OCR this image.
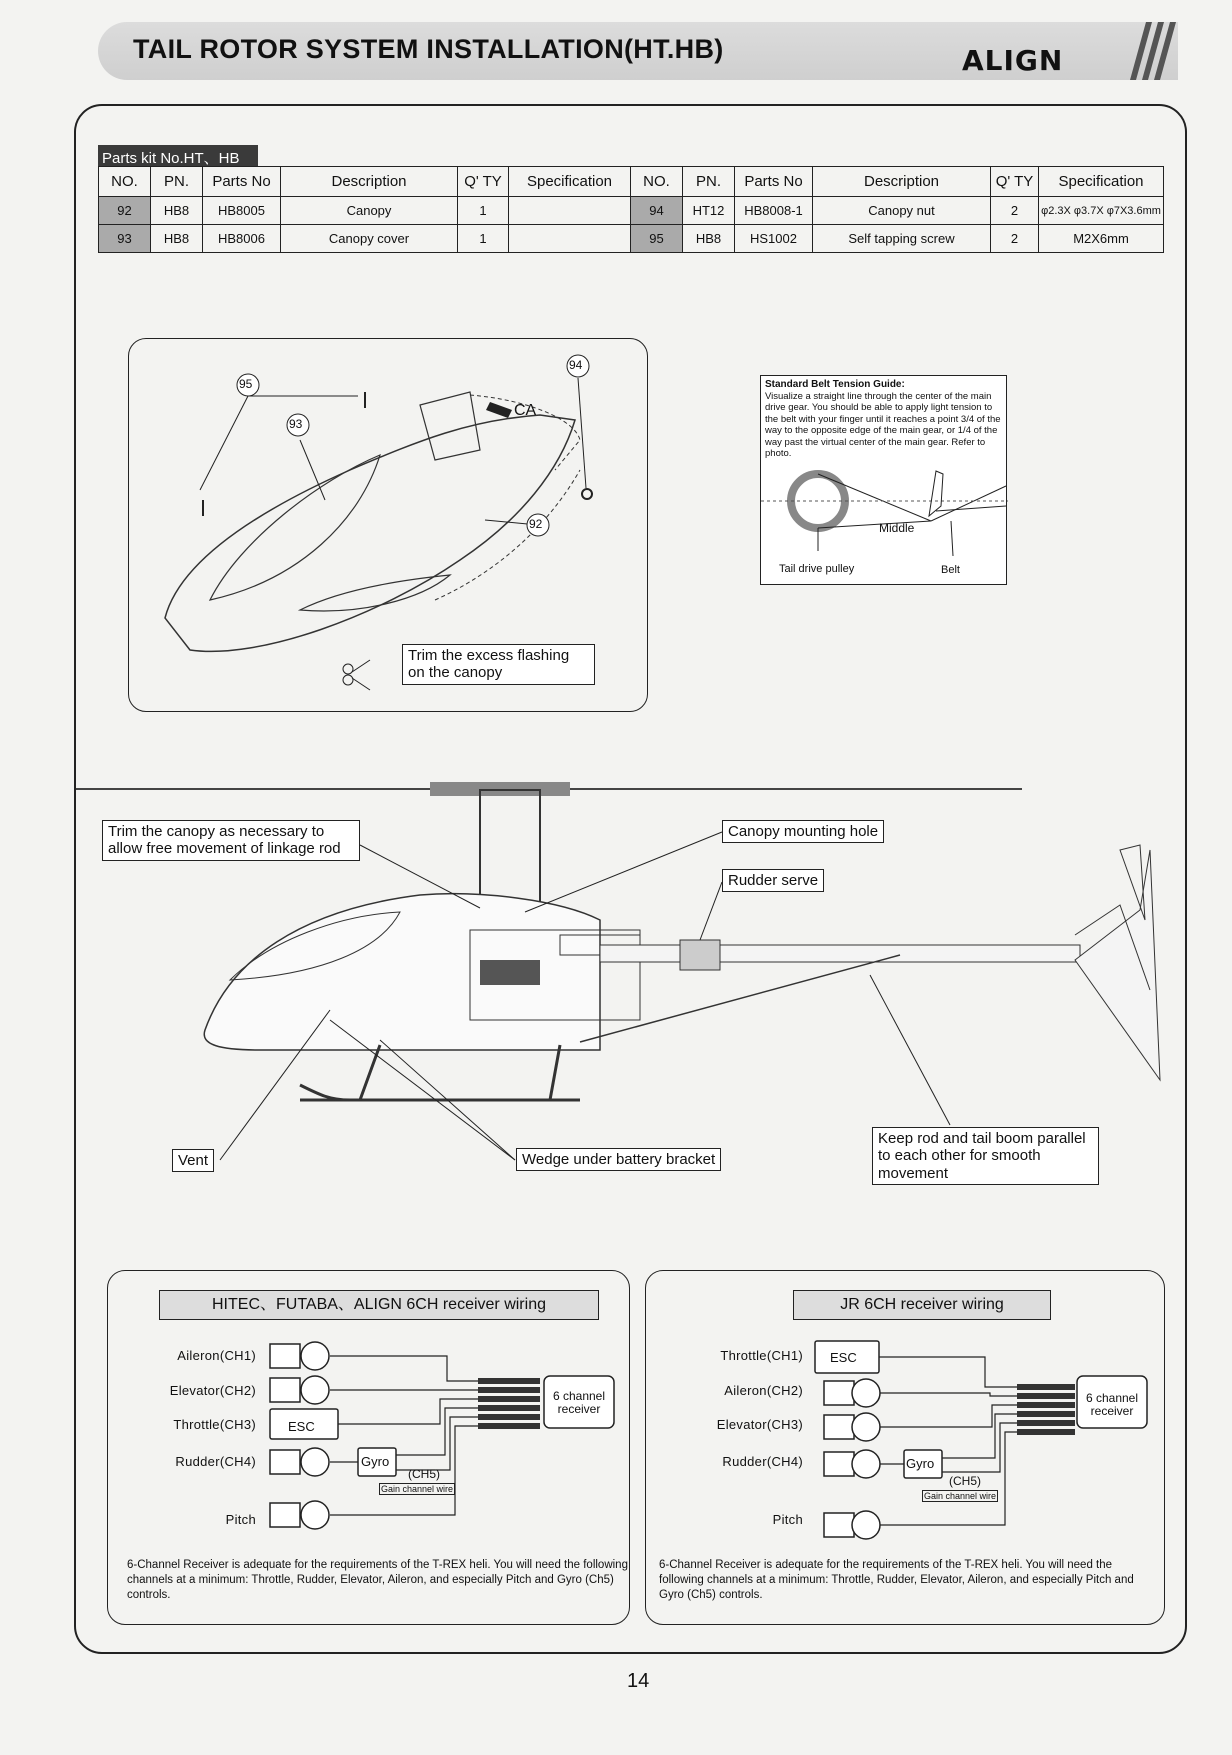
TAIL ROTOR SYSTEM INSTALLATION(HT.HB)	ALIGN
Parts kit No.HT、HB
NO.	PN.	Parts No	Description	Q' TY	Specification	NO.	PN.	Parts No	Description	Q' TY	Specification
92	HB8	HB8005	Canopy	1		94	HT12	HB8008-1	Canopy nut	2	φ2.3X φ3.7X φ7X3.6mm
93	HB8	HB8006	Canopy cover	1		95	HB8	HS1002	Self tapping screw	2	M2X6mm
95
93
94
92
CA
Trim the excess flashing on the canopy
Standard Belt Tension Guide:
Visualize a straight line through the center of the main drive gear. You should be able to apply light tension to the belt with your finger until it reaches a point 3/4 of the way to the opposite edge of the main gear, or 1/4 of the way past the virtual center of the main gear. Refer to photo.
Middle
Tail drive pulley	Belt
Trim the canopy as necessary to allow free movement of linkage rod
Canopy mounting hole
Rudder serve
Vent	Wedge under battery bracket
Keep rod and tail boom parallel to each other for smooth movement
HITEC、FUTABA、ALIGN 6CH receiver wiring
Aileron(CH1)
Elevator(CH2)
Throttle(CH3)
Rudder(CH4)
Pitch
ESC
Gyro
(CH5)
Gain channel wire
6 channel receiver
6-Channel Receiver is adequate for the requirements of the T-REX heli. You will need the following channels at a minimum: Throttle, Rudder, Elevator, Aileron, and especially Pitch and Gyro (Ch5) controls.
JR 6CH receiver wiring
Throttle(CH1)
Aileron(CH2)
Elevator(CH3)
Rudder(CH4)
Pitch
ESC
Gyro
(CH5)
Gain channel wire
6 channel receiver
6-Channel Receiver is adequate for the requirements of the T-REX heli. You will need the following channels at a minimum: Throttle, Rudder, Elevator, Aileron, and especially Pitch and Gyro (Ch5) controls.
14
